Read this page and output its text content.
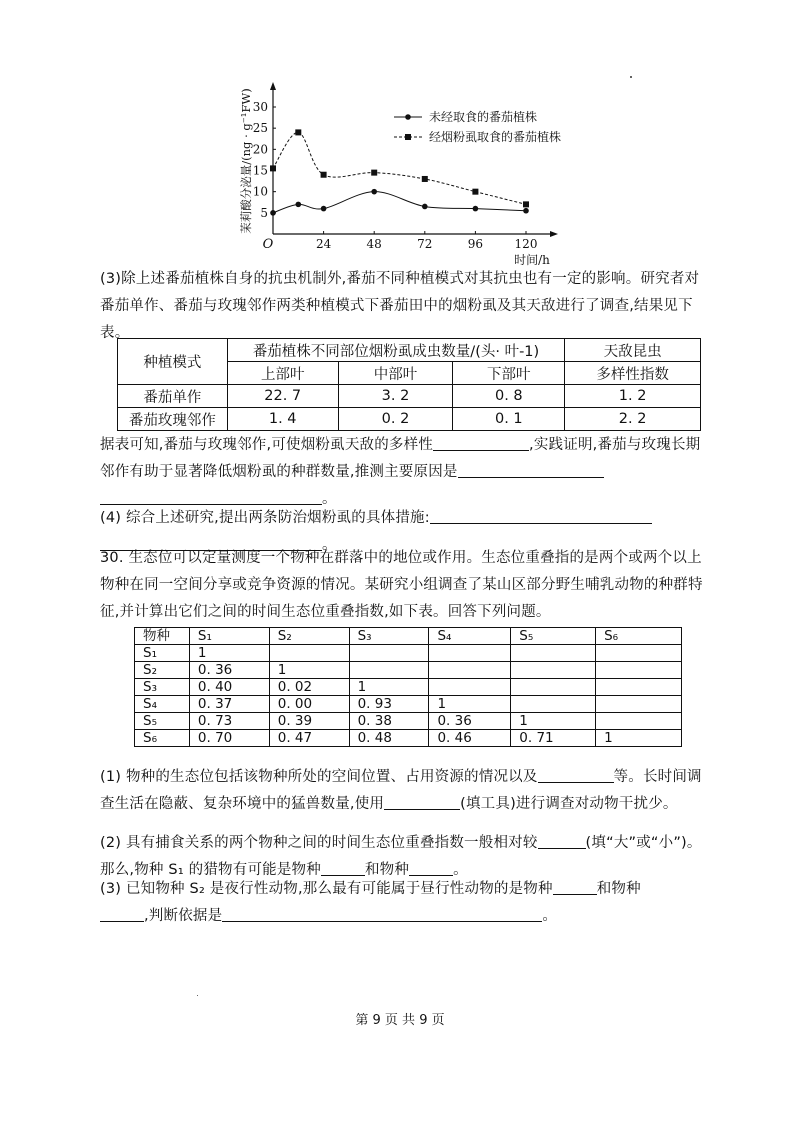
24	48	72	96	120
5
10
15
20
25
30
茉莉酸分泌量/(ng · g⁻¹FW)
时间/h
O
未经取食的番茄植株
经烟粉虱取食的番茄植株
(3)除上述番茄植株自身的抗虫机制外,番茄不同种植模式对其抗虫也有一定的影响。研究者对番茄单作、番茄与玫瑰邻作两类种植模式下番茄田中的烟粉虱及其天敌进行了调查,结果见下表。
种植模式	番茄植株不同部位烟粉虱成虫数量/(头· 叶-1)			天敌昆虫
	上部叶	中部叶	下部叶	多样性指数
番茄单作	22. 7	3. 2	0. 8	1. 2
番茄玫瑰邻作	1. 4	0. 2	0. 1	2. 2
据表可知,番茄与玫瑰邻作,可使烟粉虱天敌的多样性	,实践证明,番茄与玫瑰长期邻作有助于显著降低烟粉虱的种群数量,推测主要原因是
。
(4) 综合上述研究,提出两条防治烟粉虱的具体措施:
。
30. 生态位可以定量测度一个物种在群落中的地位或作用。生态位重叠指的是两个或两个以上物种在同一空间分享或竞争资源的情况。某研究小组调查了某山区部分野生哺乳动物的种群特征,并计算出它们之间的时间生态位重叠指数,如下表。回答下列问题。
物种	S₁	S₂	S₃	S₄	S₅	S₆
S₁	1					
S₂	0. 36	1				
S₃	0. 40	0. 02	1			
S₄	0. 37	0. 00	0. 93	1		
S₅	0. 73	0. 39	0. 38	0. 36	1	
S₆	0. 70	0. 47	0. 48	0. 46	0. 71	1
(1) 物种的生态位包括该物种所处的空间位置、占用资源的情况以及	等。长时间调查生活在隐蔽、复杂环境中的猛兽数量,使用	(填工具)进行调查对动物干扰少。
(2) 具有捕食关系的两个物种之间的时间生态位重叠指数一般相对较	(填“大”或“小”)。那么,物种 S₁ 的猎物有可能是物种	和物种	。
(3) 已知物种 S₂ 是夜行性动物,那么最有可能属于昼行性动物的是物种	和物种
,判断依据是	。
第 9 页 共 9 页
